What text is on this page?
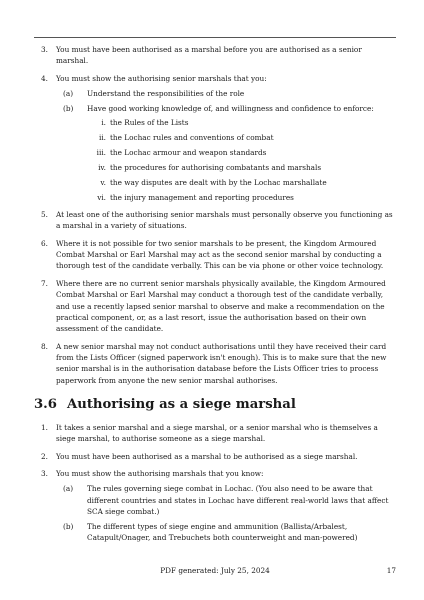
3. You must have been authorised as a marshal before you are authorised as a senior marshal.
4. You must show the authorising senior marshals that you:
(a) Understand the responsibilities of the role
(b) Have good working knowledge of, and willingness and confidence to enforce:
i. the Rules of the Lists
ii. the Lochac rules and conventions of combat
iii. the Lochac armour and weapon standards
iv. the procedures for authorising combatants and marshals
v. the way disputes are dealt with by the Lochac marshallate
vi. the injury management and reporting procedures
5. At least one of the authorising senior marshals must personally observe you functioning as a marshal in a variety of situations.
6. Where it is not possible for two senior marshals to be present, the Kingdom Armoured Combat Marshal or Earl Marshal may act as the second senior marshal by conducting a thorough test of the candidate verbally. This can be via phone or other voice technology.
7. Where there are no current senior marshals physically available, the Kingdom Armoured Combat Marshal or Earl Marshal may conduct a thorough test of the candidate verbally, and use a recently lapsed senior marshal to observe and make a recommendation on the practical component, or, as a last resort, issue the authorisation based on their own assessment of the candidate.
8. A new senior marshal may not conduct authorisations until they have received their card from the Lists Officer (signed paperwork isn't enough). This is to make sure that the new senior marshal is in the authorisation database before the Lists Officer tries to process paperwork from anyone the new senior marshal authorises.
3.6 Authorising as a siege marshal
1. It takes a senior marshal and a siege marshal, or a senior marshal who is themselves a siege marshal, to authorise someone as a siege marshal.
2. You must have been authorised as a marshal to be authorised as a siege marshal.
3. You must show the authorising marshals that you know:
(a) The rules governing siege combat in Lochac. (You also need to be aware that different countries and states in Lochac have different real-world laws that affect SCA siege combat.)
(b) The different types of siege engine and ammunition (Ballista/Arbalest, Catapult/Onager, and Trebuchets both counterweight and man-powered)
PDF generated: July 25, 2024	17
